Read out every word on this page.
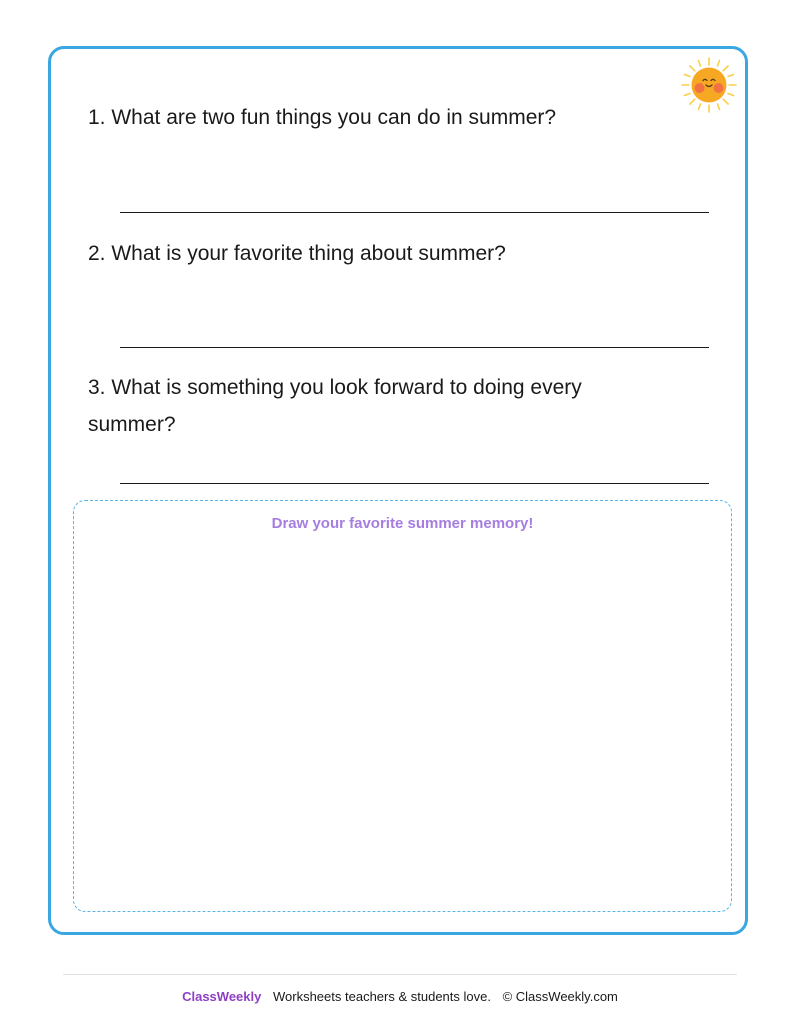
1. What are two fun things you can do in summer?
2. What is your favorite thing about summer?
3. What is something you look forward to doing every summer?
Draw your favorite summer memory!
ClassWeekly Worksheets teachers & students love. © ClassWeekly.com
